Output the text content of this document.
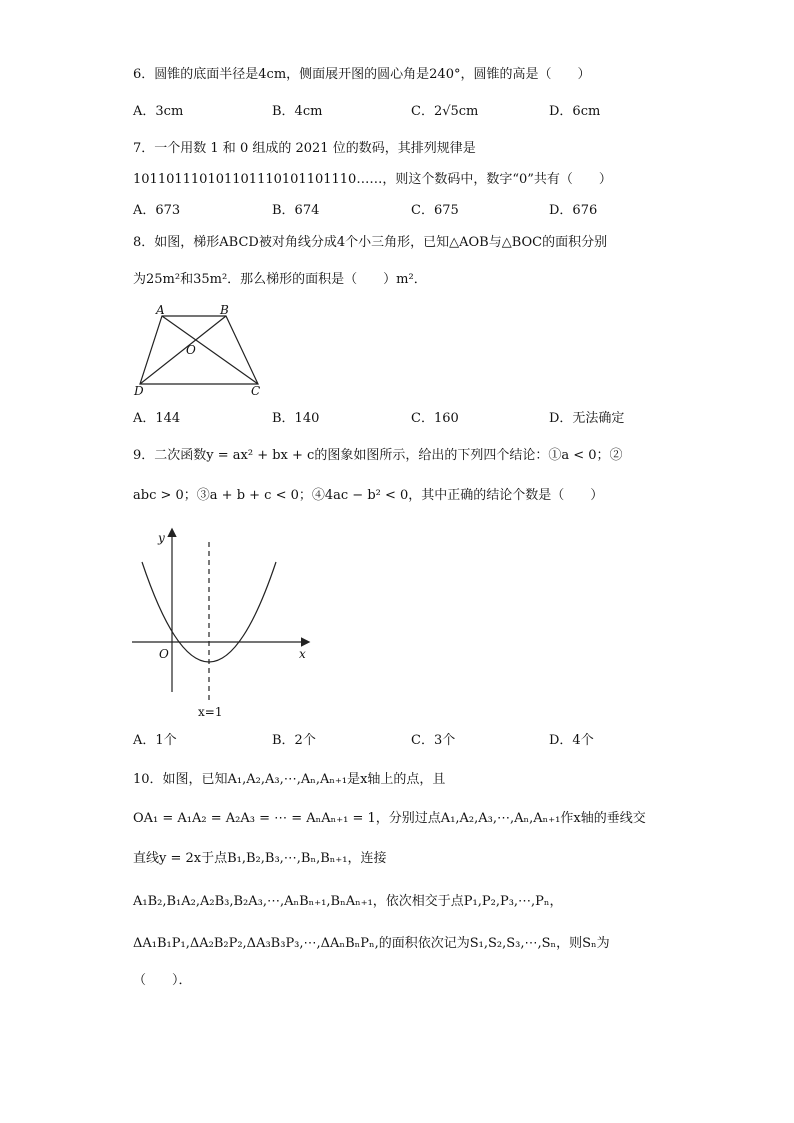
6．圆锥的底面半径是4cm，侧面展开图的圆心角是240°，圆锥的高是（　　）
A．3cm	B．4cm	C．2√5cm	D．6cm
7．一个用数 1 和 0 组成的 2021 位的数码，其排列规律是
101101110101101110101101110……，则这个数码中，数字“0”共有（　　）
A．673	B．674	C．675	D．676
8．如图，梯形ABCD被对角线分成4个小三角形，已知△AOB与△BOC的面积分别
为25m²和35m²．那么梯形的面积是（　　）m²．
A	B
O
D	C
A．144	B．140	C．160	D．无法确定
9．二次函数y = ax² + bx + c的图象如图所示，给出的下列四个结论：①a < 0；②
abc > 0；③a + b + c < 0；④4ac − b² < 0，其中正确的结论个数是（　　）
y
x
O
x=1
A．1个	B．2个	C．3个	D．4个
10．如图，已知A₁,A₂,A₃,⋯,Aₙ,Aₙ₊₁是x轴上的点，且
OA₁ = A₁A₂ = A₂A₃ = ⋯ = AₙAₙ₊₁ = 1，分别过点A₁,A₂,A₃,⋯,Aₙ,Aₙ₊₁作x轴的垂线交
直线y = 2x于点B₁,B₂,B₃,⋯,Bₙ,Bₙ₊₁，连接
A₁B₂,B₁A₂,A₂B₃,B₂A₃,⋯,AₙBₙ₊₁,BₙAₙ₊₁，依次相交于点P₁,P₂,P₃,⋯,Pₙ，
ΔA₁B₁P₁,ΔA₂B₂P₂,ΔA₃B₃P₃,⋯,ΔAₙBₙPₙ,的面积依次记为S₁,S₂,S₃,⋯,Sₙ，则Sₙ为
（　　）．
